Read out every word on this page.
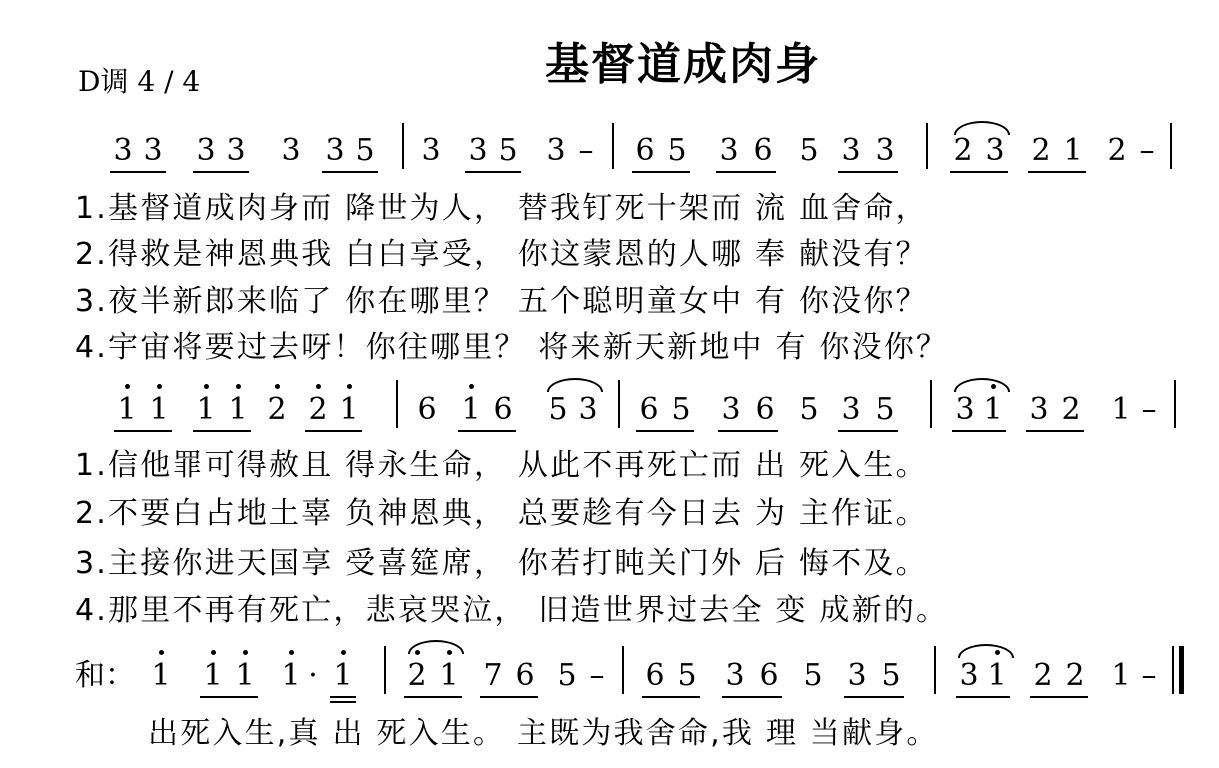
D调 4 / 4	基督道成肉身
3 3 3 3 3 3 5 3 3 5 3 – 6 5 3 6 5 3 3 2 3 2 1 2 –
1.基督道成肉身而 降世为人， 替我钉死十架而 流 血舍命，
2.得救是神恩典我 白白享受， 你这蒙恩的人哪 奉 献没有？
3.夜半新郎来临了 你在哪里？ 五个聪明童女中 有 你没你？
4.宇宙将要过去呀！你往哪里？ 将来新天新地中 有 你没你？
1 1 1 1 2 2 1 6 1 6 5 3 6 5 3 6 5 3 5 3 1 3 2 1 –
1.信他罪可得赦且 得永生命， 从此不再死亡而 出 死入生。
2.不要白占地土辜 负神恩典， 总要趁有今日去 为 主作证。
3.主接你进天国享 受喜筵席， 你若打盹关门外 后 悔不及。
4.那里不再有死亡，悲哀哭泣， 旧造世界过去全 变 成新的。
和： 1 1 1 1 · 1 2 1 7 6 5 – 6 5 3 6 5 3 5 3 1 2 2 1 –
出死入生,真 出 死入生。 主既为我舍命,我 理 当献身。
